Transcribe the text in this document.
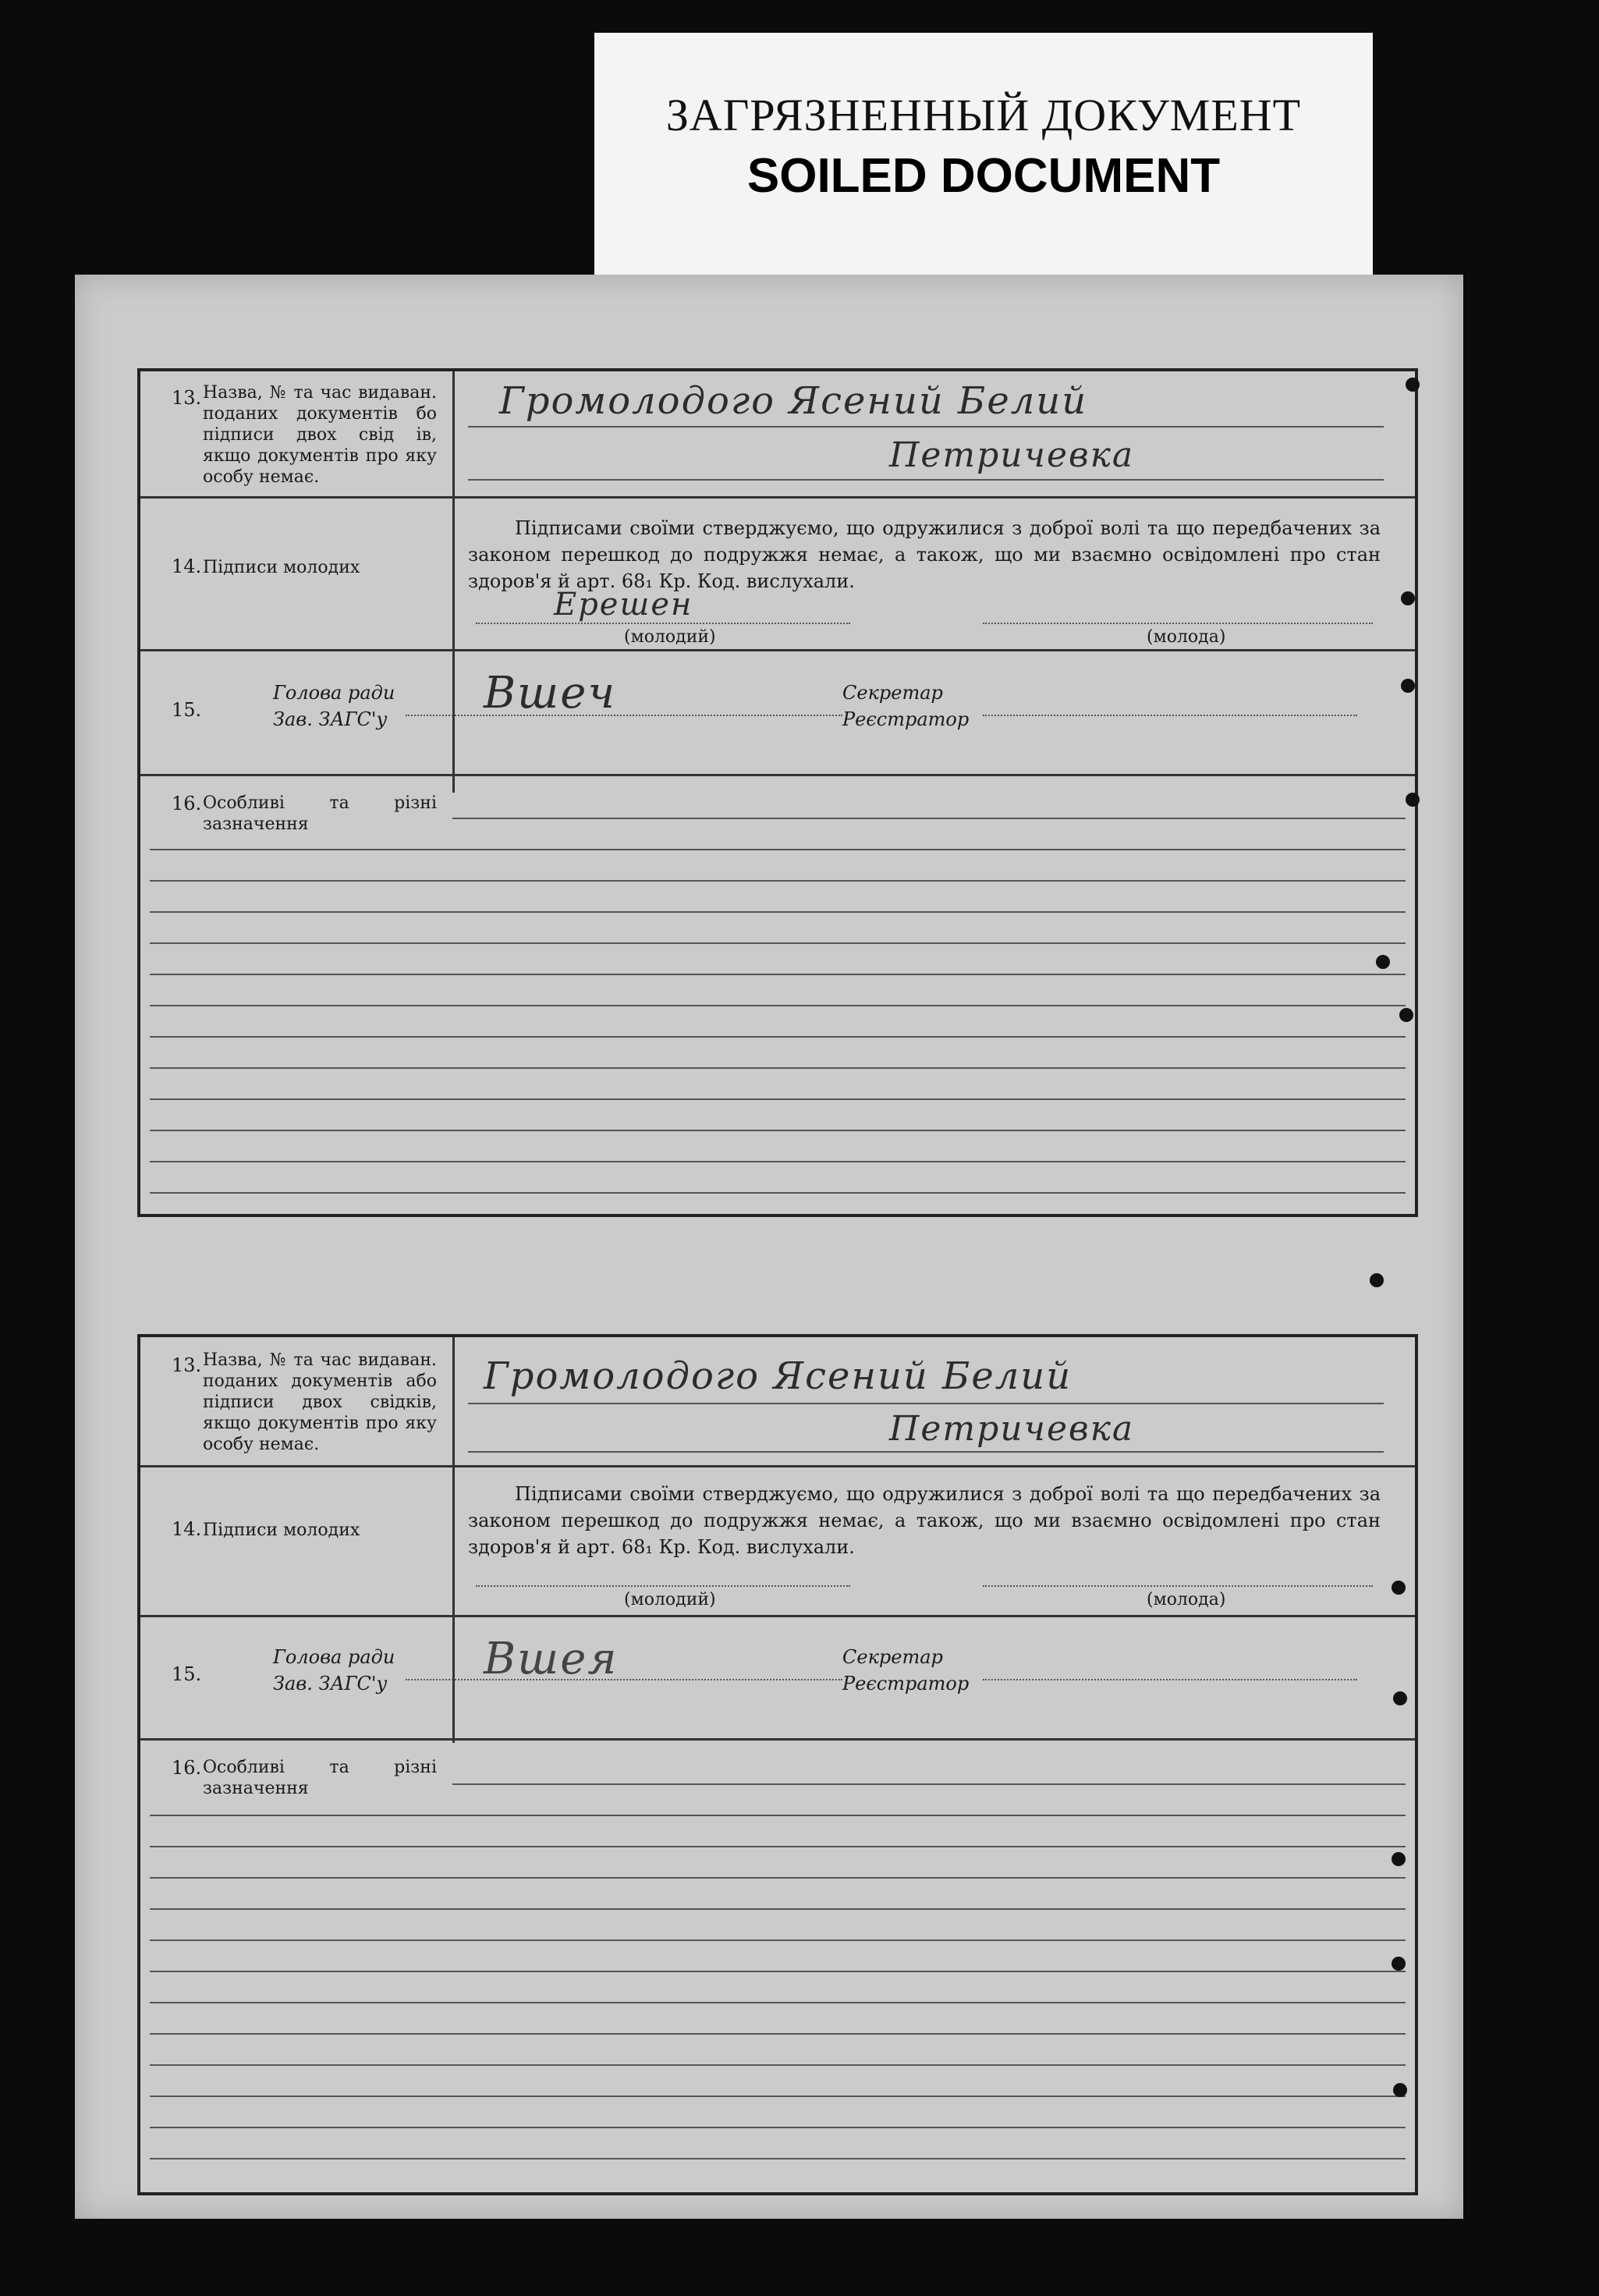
ЗАГРЯЗНЕННЫЙ ДОКУМЕНТ
SOILED DOCUMENT
13. Назва, № та час видаван. поданих документів бо підписи двох свід ів, якщо документів про яку особу немає.
Громолодого Ясений Белий
Петричевка
14. Підписи молодих
Підписами своїми стверджуємо, що одружилися з доброї волі та що передбачених за законом перешкод до подружжя немає, а також, що ми взаємно освідомлені про стан здоров'я й арт. 68₁ Кр. Код. вислухали.
Ерешен
(молодий)	(молода)
15.
Голова ради
Зав. ЗАГС'у
Вшеч	Секретар
Реєстратор
16. Особливі та різні зазначення
13. Назва, № та час видаван. поданих документів або підписи двох свідків, якщо документів про яку особу немає.
Громолодого Ясений Белий
Петричевка
14. Підписи молодих
Підписами своїми стверджуємо, що одружилися з доброї волі та що передбачених за законом перешкод до подружжя немає, а також, що ми взаємно освідомлені про стан здоров'я й арт. 68₁ Кр. Код. вислухали.
(молодий)	(молода)
15.
Голова ради
Зав. ЗАГС'у Вшея	Секретар
Реєстратор
16. Особливі та різні зазначення
